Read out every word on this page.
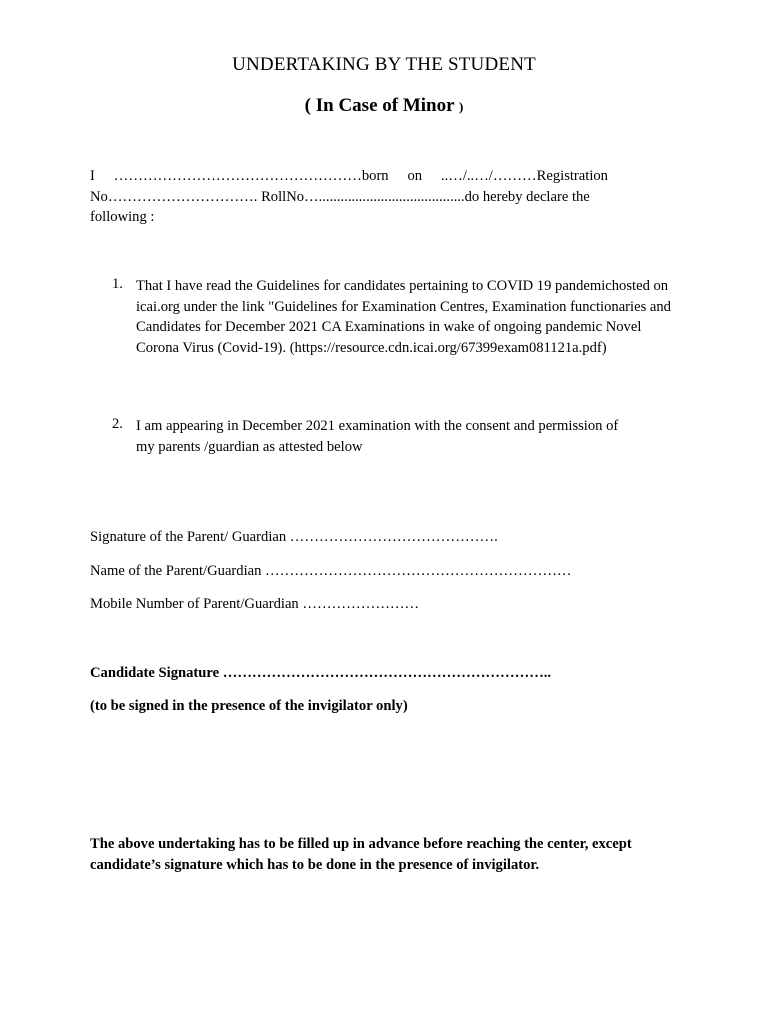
UNDERTAKING BY THE STUDENT
( In Case of Minor )
I ……………………………………………born on ..…/..…/………Registration
No…………………………. RollNo…........................................do hereby declare the
following :
1. That I have read the Guidelines for candidates pertaining to COVID 19 pandemichosted on icai.org under the link "Guidelines for Examination Centres, Examination functionaries and Candidates for December 2021 CA Examinations in wake of ongoing pandemic Novel Corona Virus (Covid-19). (https://resource.cdn.icai.org/67399exam081121a.pdf)
2. I am appearing in December 2021 examination with the consent and permission of my parents /guardian as attested below
Signature of the Parent/ Guardian …………………………………….
Name of the Parent/Guardian ………………………………………………………
Mobile Number of Parent/Guardian ……………………
Candidate Signature …………………………………………………………..
(to be signed in the presence of the invigilator only)
The above undertaking has to be filled up in advance before reaching the center, except candidate’s signature which has to be done in the presence of invigilator.
